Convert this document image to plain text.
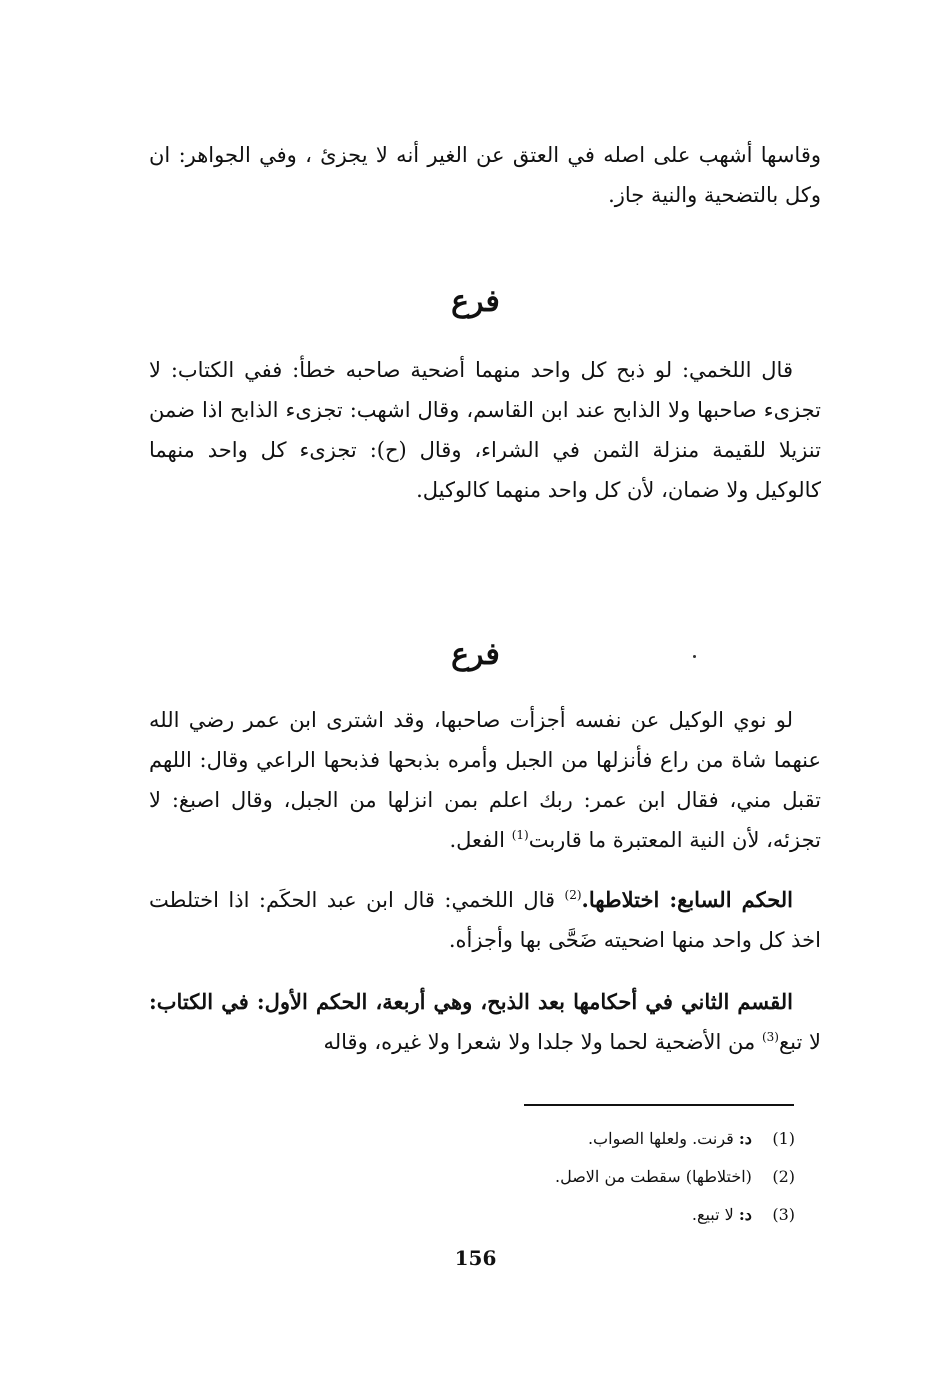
وقاسها أشهب على اصله في العتق عن الغير أنه لا يجزئ ، وفي الجواهر: ان وكل بالتضحية والنية جاز.

فرع

قال اللخمي: لو ذبح كل واحد منهما أضحية صاحبه خطأ: ففي الكتاب: لا تجزىء صاحبها ولا الذابح عند ابن القاسم، وقال اشهب: تجزىء الذابح اذا ضمن تنزيلا للقيمة منزلة الثمن في الشراء، وقال (ح): تجزىء كل واحد منهما كالوكيل ولا ضمان، لأن كل واحد منهما كالوكيل.

فرع

لو نوي الوكيل عن نفسه أجزأت صاحبها، وقد اشترى ابن عمر رضي الله عنهما شاة من راع فأنزلها من الجبل وأمره بذبحها فذبحها الراعي وقال: اللهم تقبل مني، فقال ابن عمر: ربك اعلم بمن انزلها من الجبل، وقال اصبغ: لا تجزئه، لأن النية المعتبرة ما قاربت$^{(1)}$ الفعل.

الحكم السابع: اختلاطها.$^{(2)}$ قال اللخمي: قال ابن عبد الحكَم: اذا اختلطت اخذ كل واحد منها اضحيته ضَحَّى بها وأجزأه.

القسم الثاني في أحكامها بعد الذبح، وهي أربعة، الحكم الأول: في الكتاب: لا تبع$^{(3)}$ من الأضحية لحما ولا جلدا ولا شعرا ولا غيره، وقاله

(1) د: قرنت. ولعلها الصواب.
(2) (اختلاطها) سقطت من الاصل.
(3) د: لا تبيع.
156
